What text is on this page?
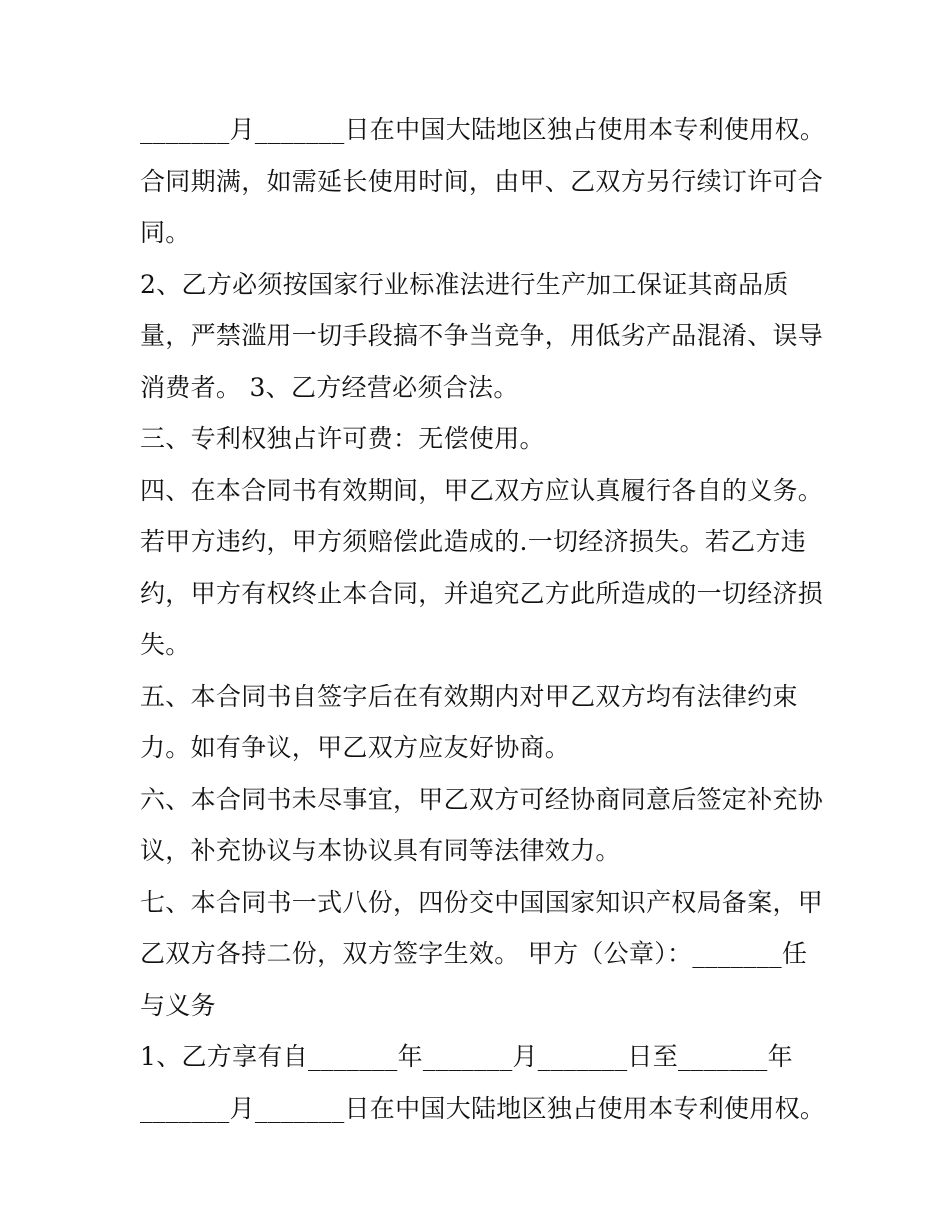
_______月_______日在中国大陆地区独占使用本专利使用权。
合同期满，如需延长使用时间，由甲、乙双方另行续订许可合
同。
2、乙方必须按国家行业标准法进行生产加工保证其商品质
量，严禁滥用一切手段搞不争当竞争，用低劣产品混淆、误导
消费者。 3、乙方经营必须合法。
三、专利权独占许可费：无偿使用。
四、在本合同书有效期间，甲乙双方应认真履行各自的义务。
若甲方违约，甲方须赔偿此造成的.一切经济损失。若乙方违
约，甲方有权终止本合同，并追究乙方此所造成的一切经济损
失。
五、本合同书自签字后在有效期内对甲乙双方均有法律约束
力。如有争议，甲乙双方应友好协商。
六、本合同书未尽事宜，甲乙双方可经协商同意后签定补充协
议，补充协议与本协议具有同等法律效力。
七、本合同书一式八份，四份交中国国家知识产权局备案，甲
乙双方各持二份，双方签字生效。 甲方（公章）：_______任
与义务
1、乙方享有自_______年_______月_______日至_______年
_______月_______日在中国大陆地区独占使用本专利使用权。
